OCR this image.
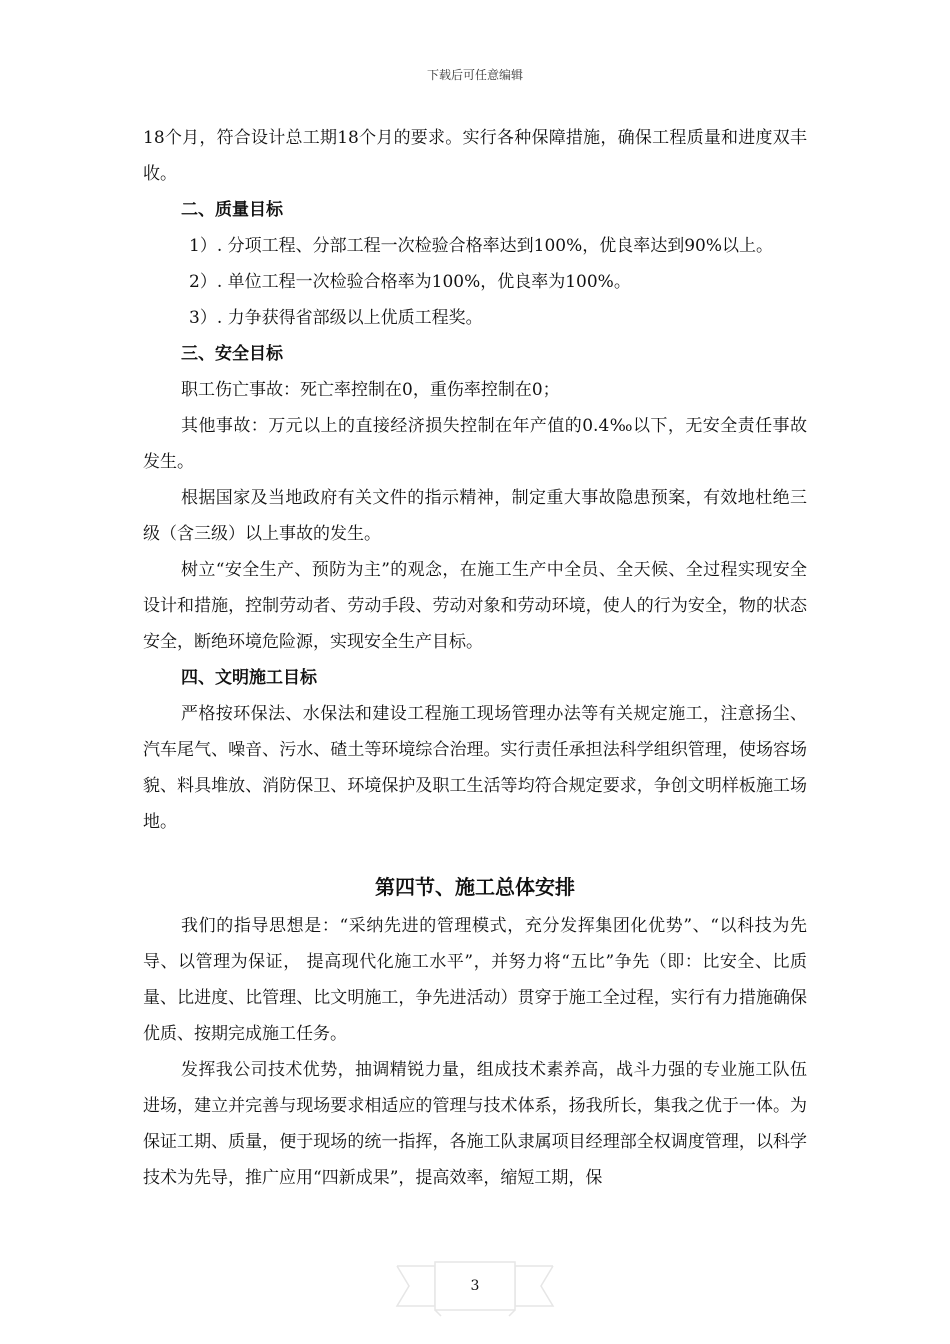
下载后可任意编辑

18个月，符合设计总工期18个月的要求。实行各种保障措施，确保工程质量和进度双丰收。

二、质量目标

1）. 分项工程、分部工程一次检验合格率达到100%，优良率达到90%以上。

2）. 单位工程一次检验合格率为100%，优良率为100%。

3）. 力争获得省部级以上优质工程奖。

三、安全目标

职工伤亡事故：死亡率控制在0，重伤率控制在0；

其他事故：万元以上的直接经济损失控制在年产值的0.4‰以下，无安全责任事故发生。

根据国家及当地政府有关文件的指示精神，制定重大事故隐患预案，有效地杜绝三级（含三级）以上事故的发生。

树立“安全生产、预防为主”的观念，在施工生产中全员、全天候、全过程实现安全设计和措施，控制劳动者、劳动手段、劳动对象和劳动环境，使人的行为安全，物的状态安全，断绝环境危险源，实现安全生产目标。

四、文明施工目标

严格按环保法、水保法和建设工程施工现场管理办法等有关规定施工，注意扬尘、汽车尾气、噪音、污水、碴土等环境综合治理。实行责任承担法科学组织管理，使场容场貌、料具堆放、消防保卫、环境保护及职工生活等均符合规定要求，争创文明样板施工场地。

第四节、施工总体安排

我们的指导思想是：“采纳先进的管理模式，充分发挥集团化优势”、“以科技为先导、以管理为保证， 提高现代化施工水平”，并努力将“五比”争先（即：比安全、比质量、比进度、比管理、比文明施工，争先进活动）贯穿于施工全过程，实行有力措施确保优质、按期完成施工任务。

发挥我公司技术优势，抽调精锐力量，组成技术素养高，战斗力强的专业施工队伍进场，建立并完善与现场要求相适应的管理与技术体系，扬我所长，集我之优于一体。为保证工期、质量，便于现场的统一指挥，各施工队隶属项目经理部全权调度管理，以科学技术为先导，推广应用“四新成果”，提高效率，缩短工期，保

3
